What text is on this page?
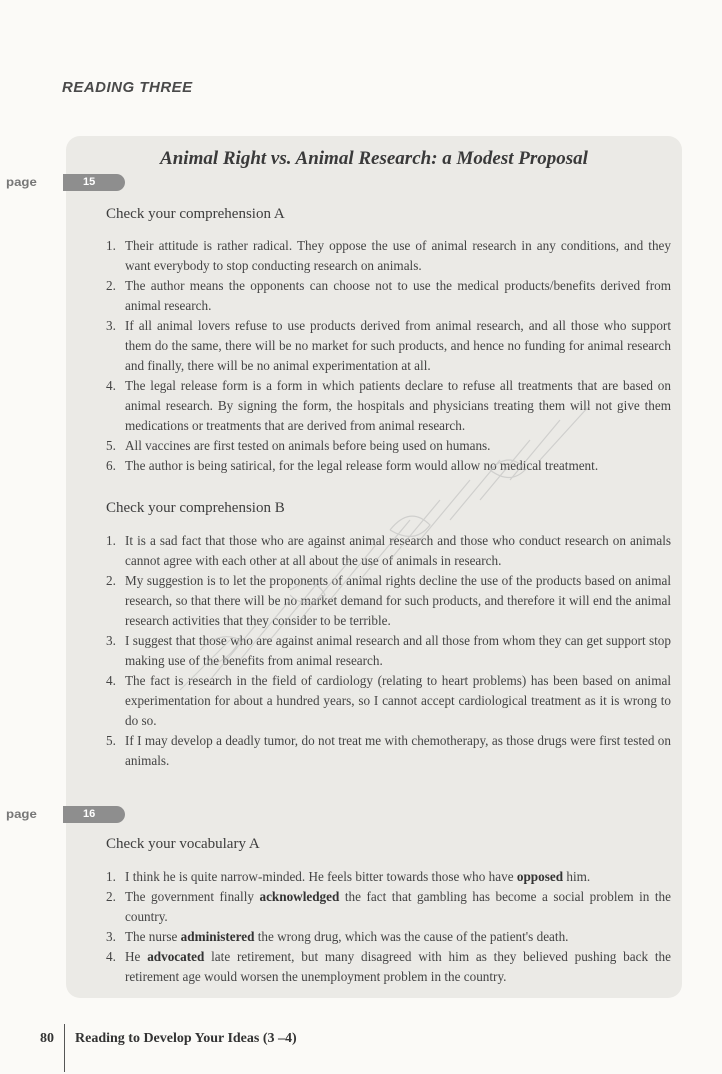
READING THREE
Animal Right vs. Animal Research: a Modest Proposal
page	15
Check your comprehension A
1. Their attitude is rather radical. They oppose the use of animal research in any conditions, and they want everybody to stop conducting research on animals.
2. The author means the opponents can choose not to use the medical products/benefits derived from animal research.
3. If all animal lovers refuse to use products derived from animal research, and all those who support them do the same, there will be no market for such products, and hence no funding for animal research and finally, there will be no animal experimentation at all.
4. The legal release form is a form in which patients declare to refuse all treatments that are based on animal research. By signing the form, the hospitals and physicians treating them will not give them medications or treatments that are derived from animal research.
5. All vaccines are first tested on animals before being used on humans.
6. The author is being satirical, for the legal release form would allow no medical treatment.
Check your comprehension B
1. It is a sad fact that those who are against animal research and those who conduct research on animals cannot agree with each other at all about the use of animals in research.
2. My suggestion is to let the proponents of animal rights decline the use of the products based on animal research, so that there will be no market demand for such products, and therefore it will end the animal research activities that they consider to be terrible.
3. I suggest that those who are against animal research and all those from whom they can get support stop making use of the benefits from animal research.
4. The fact is research in the field of cardiology (relating to heart problems) has been based on animal experimentation for about a hundred years, so I cannot accept cardiological treatment as it is wrong to do so.
5. If I may develop a deadly tumor, do not treat me with chemotherapy, as those drugs were first tested on animals.
page	16
Check your vocabulary A
1. I think he is quite narrow-minded. He feels bitter towards those who have opposed him.
2. The government finally acknowledged the fact that gambling has become a social problem in the country.
3. The nurse administered the wrong drug, which was the cause of the patient's death.
4. He advocated late retirement, but many disagreed with him as they believed pushing back the retirement age would worsen the unemployment problem in the country.
80 Reading to Develop Your Ideas (3 –4)
